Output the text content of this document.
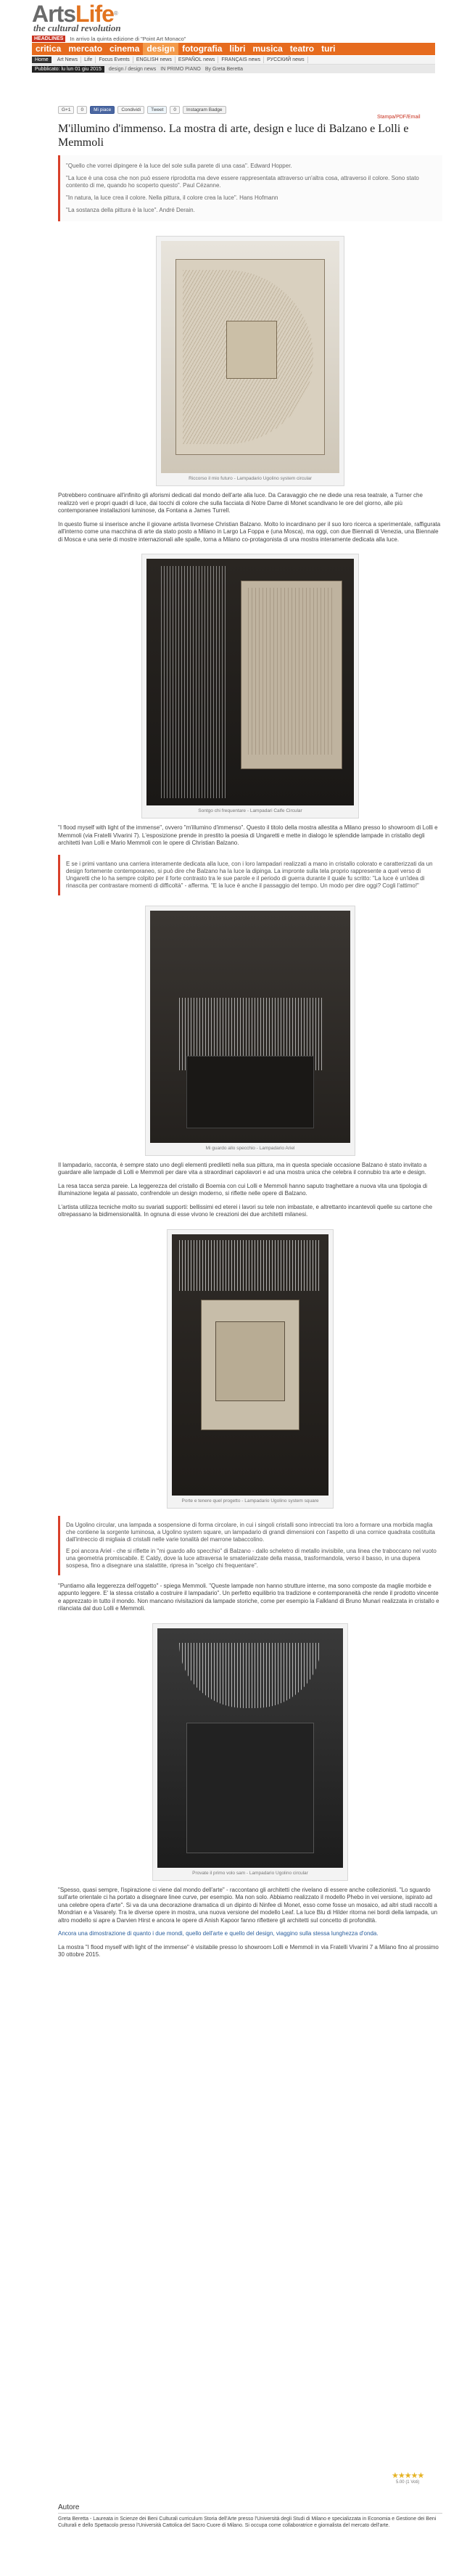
ArtsLife®
the cultural revolution
HEADLINES	In arrivo la quinta edizione di "Point Art Monaco"
critica mercato cinema design fotografia libri musica teatro turi
Home	Art News	Life	Focus Events	ENGLISH news	ESPAÑOL news	FRANÇAIS news	РУССКИЙ news
Pubblicato: lu lun 01 giu 2015	design / design news IN PRIMO PIANO By Greta Beretta
G+1	0	Mi piace	Condividi	Tweet	0	Instagram Badge
Stampa/PDF/Email
M'illumino d'immenso. La mostra di arte, design e luce di Balzano e Lolli e Memmoli

"Quello che vorrei dipingere è la luce del sole sulla parete di una casa". Edward Hopper.

"La luce è una cosa che non può essere riprodotta ma deve essere rappresentata attraverso un'altra cosa, attraverso il colore. Sono stato contento di me, quando ho scoperto questo". Paul Cézanne.

"In natura, la luce crea il colore. Nella pittura, il colore crea la luce". Hans Hofmann

"La sostanza della pittura è la luce". André Derain.

Riccorso il mio futuro - Lampadario Ugolino system circular

Potrebbero continuare all'infinito gli aforismi dedicati dal mondo dell'arte alla luce. Da Caravaggio che ne diede una resa teatrale, a Turner che realizzò veri e propri quadri di luce, dai tocchi di colore che sulla facciata di Notre Dame di Monet scandivano le ore del giorno, alle più contemporanee installazioni luminose, da Fontana a James Turrell.

In questo fiume si inserisce anche il giovane artista livornese Christian Balzano. Molto lo incardinano per il suo loro ricerca a sperimentale, raffigurata all'interno come una macchina di arte da stato posto a Milano in Largo La Foppa e (una Mosca), ma oggi, con due Biennali di Venezia, una Biennale di Mosca e una serie di mostre internazionali alle spalle, torna a Milano co-protagonista di una mostra interamente dedicata alla luce.

Sontgo chi frequentare - Lampadari Calfe Circular

"I flood myself with light of the immense", ovvero "m'illumino d'immenso". Questo il titolo della mostra allestita a Milano presso lo showroom di Lolli e Memmoli (via Fratelli Vivarini 7). L'esposizione prende in prestito la poesia di Ungaretti e mette in dialogo le splendide lampade in cristallo degli architetti Ivan Lolli e Mario Memmoli con le opere di Christian Balzano.

E se i primi vantano una carriera interamente dedicata alla luce, con i loro lampadari realizzati a mano in cristallo colorato e caratterizzati da un design fortemente contemporaneo, si può dire che Balzano ha la luce la dipinga. La impronte sulla tela proprio rappresente a quel verso di Ungaretti che lo ha sempre colpito per il forte contrasto tra le sue parole e il periodo di guerra durante il quale fu scritto: "La luce è un'idea di rinascita per contrastare momenti di difficoltà" - afferma. "E la luce è anche il passaggio del tempo. Un modo per dire oggi? Cogli l'attimo!"

Mi guardo allo specchio - Lampadario Ariel

Il lampadario, racconta, è sempre stato uno degli elementi prediletti nella sua pittura, ma in questa speciale occasione Balzano è stato invitato a guardare alle lampade di Lolli e Memmoli per dare vita a straordinari capolavori e ad una mostra unica che celebra il connubio tra arte e design.

La resa tacca senza pareie. La leggerezza del cristallo di Boemia con cui Lolli e Memmoli hanno saputo traghettare a nuova vita una tipologia di illuminazione legata al passato, confrendole un design moderno, si riflette nelle opere di Balzano.

L'artista utilizza tecniche molto su svariati supporti: bellissimi ed eterei i lavori su tele non imbastate, e altrettanto incantevoli quelle su cartone che oltrepassano la bidimensionalità. In ognuna di esse vivono le creazioni dei due architetti milanesi.

Porte e tenere quel progetto - Lampadario Ugolino system square

Da Ugolino circular, una lampada a sospensione di forma circolare, in cui i singoli cristalli sono intrecciati tra loro a formare una morbida maglia che contiene la sorgente luminosa, a Ugolino system square, un lampadario di grandi dimensioni con l'aspetto di una cornice quadrata costituita dall'intreccio di migliaia di cristalli nelle varie tonalità del marrone tabaccolino.

E poi ancora Ariel - che si riflette in "mi guardo allo specchio" di Balzano - dallo scheletro di metallo invisibile, una linea che traboccano nel vuoto una geometria promiscabile. E Caldy, dove la luce attraversa le smaterializzate della massa, trasformandola, verso il basso, in una dupera sospesa, fino a disegnare una stalattite, ripresa in "scelgo chi frequentare".

"Puntiamo alla leggerezza dell'oggetto" - spiega Memmoli. "Queste lampade non hanno strutture interne, ma sono composte da maglie morbide e appunto leggere. E' la stessa cristallo a costruire il lampadario". Un perfetto equilibrio tra tradizione e contemporaneità che rende il prodotto vincente e apprezzato in tutto il mondo. Non mancano rivisitazioni da lampade storiche, come per esempio la Falkland di Bruno Munari realizzata in cristallo e rilanciata dal duo Lolli e Memmoli.

Provate il primo volo sam - Lampadario Ugolino circular

"Spesso, quasi sempre, l'ispirazione ci viene dal mondo dell'arte" - raccontano gli architetti che rivelano di essere anche collezionisti. "Lo sguardo sull'arte orientale ci ha portato a disegnare linee curve, per esempio. Ma non solo. Abbiamo realizzato il modello Phebo in vei versione, ispirato ad una celebre opera d'arte". Si va da una decorazione dramatica di un dipinto di Ninfee di Monet, esso come fosse un mosaico, ad altri studi raccolti a Mondrian e a Vasarely. Tra le diverse opere in mostra, una nuova versione del modello Leaf. La luce Blu di Hilder ritorna nei bordi della lampada, un altro modello si apre a Darvien Hirst e ancora le opere di Anish Kapoor fanno riflettere gli architetti sul concetto di profondità.

Ancora una dimostrazione di quanto i due mondi, quello dell'arte e quello del design, viaggino sulla stessa lunghezza d'onda.

La mostra "I flood myself with light of the immense" è visitabile presso lo showroom Lolli e Memmoli in via Fratelli Vivarini 7 a Milano fino al prossimo 30 ottobre 2015.

★★★★★
5.00 (1 Voti)
Autore

Greta Beretta - Laureata in Scienze dei Beni Culturali curriculum Storia dell'Arte presso l'Università degli Studi di Milano e specializzata in Economia e Gestione dei Beni Culturali e dello Spettacolo presso l'Università Cattolica del Sacro Cuore di Milano. Si occupa come collaboratrice e giornalista del mercato dell'arte.
